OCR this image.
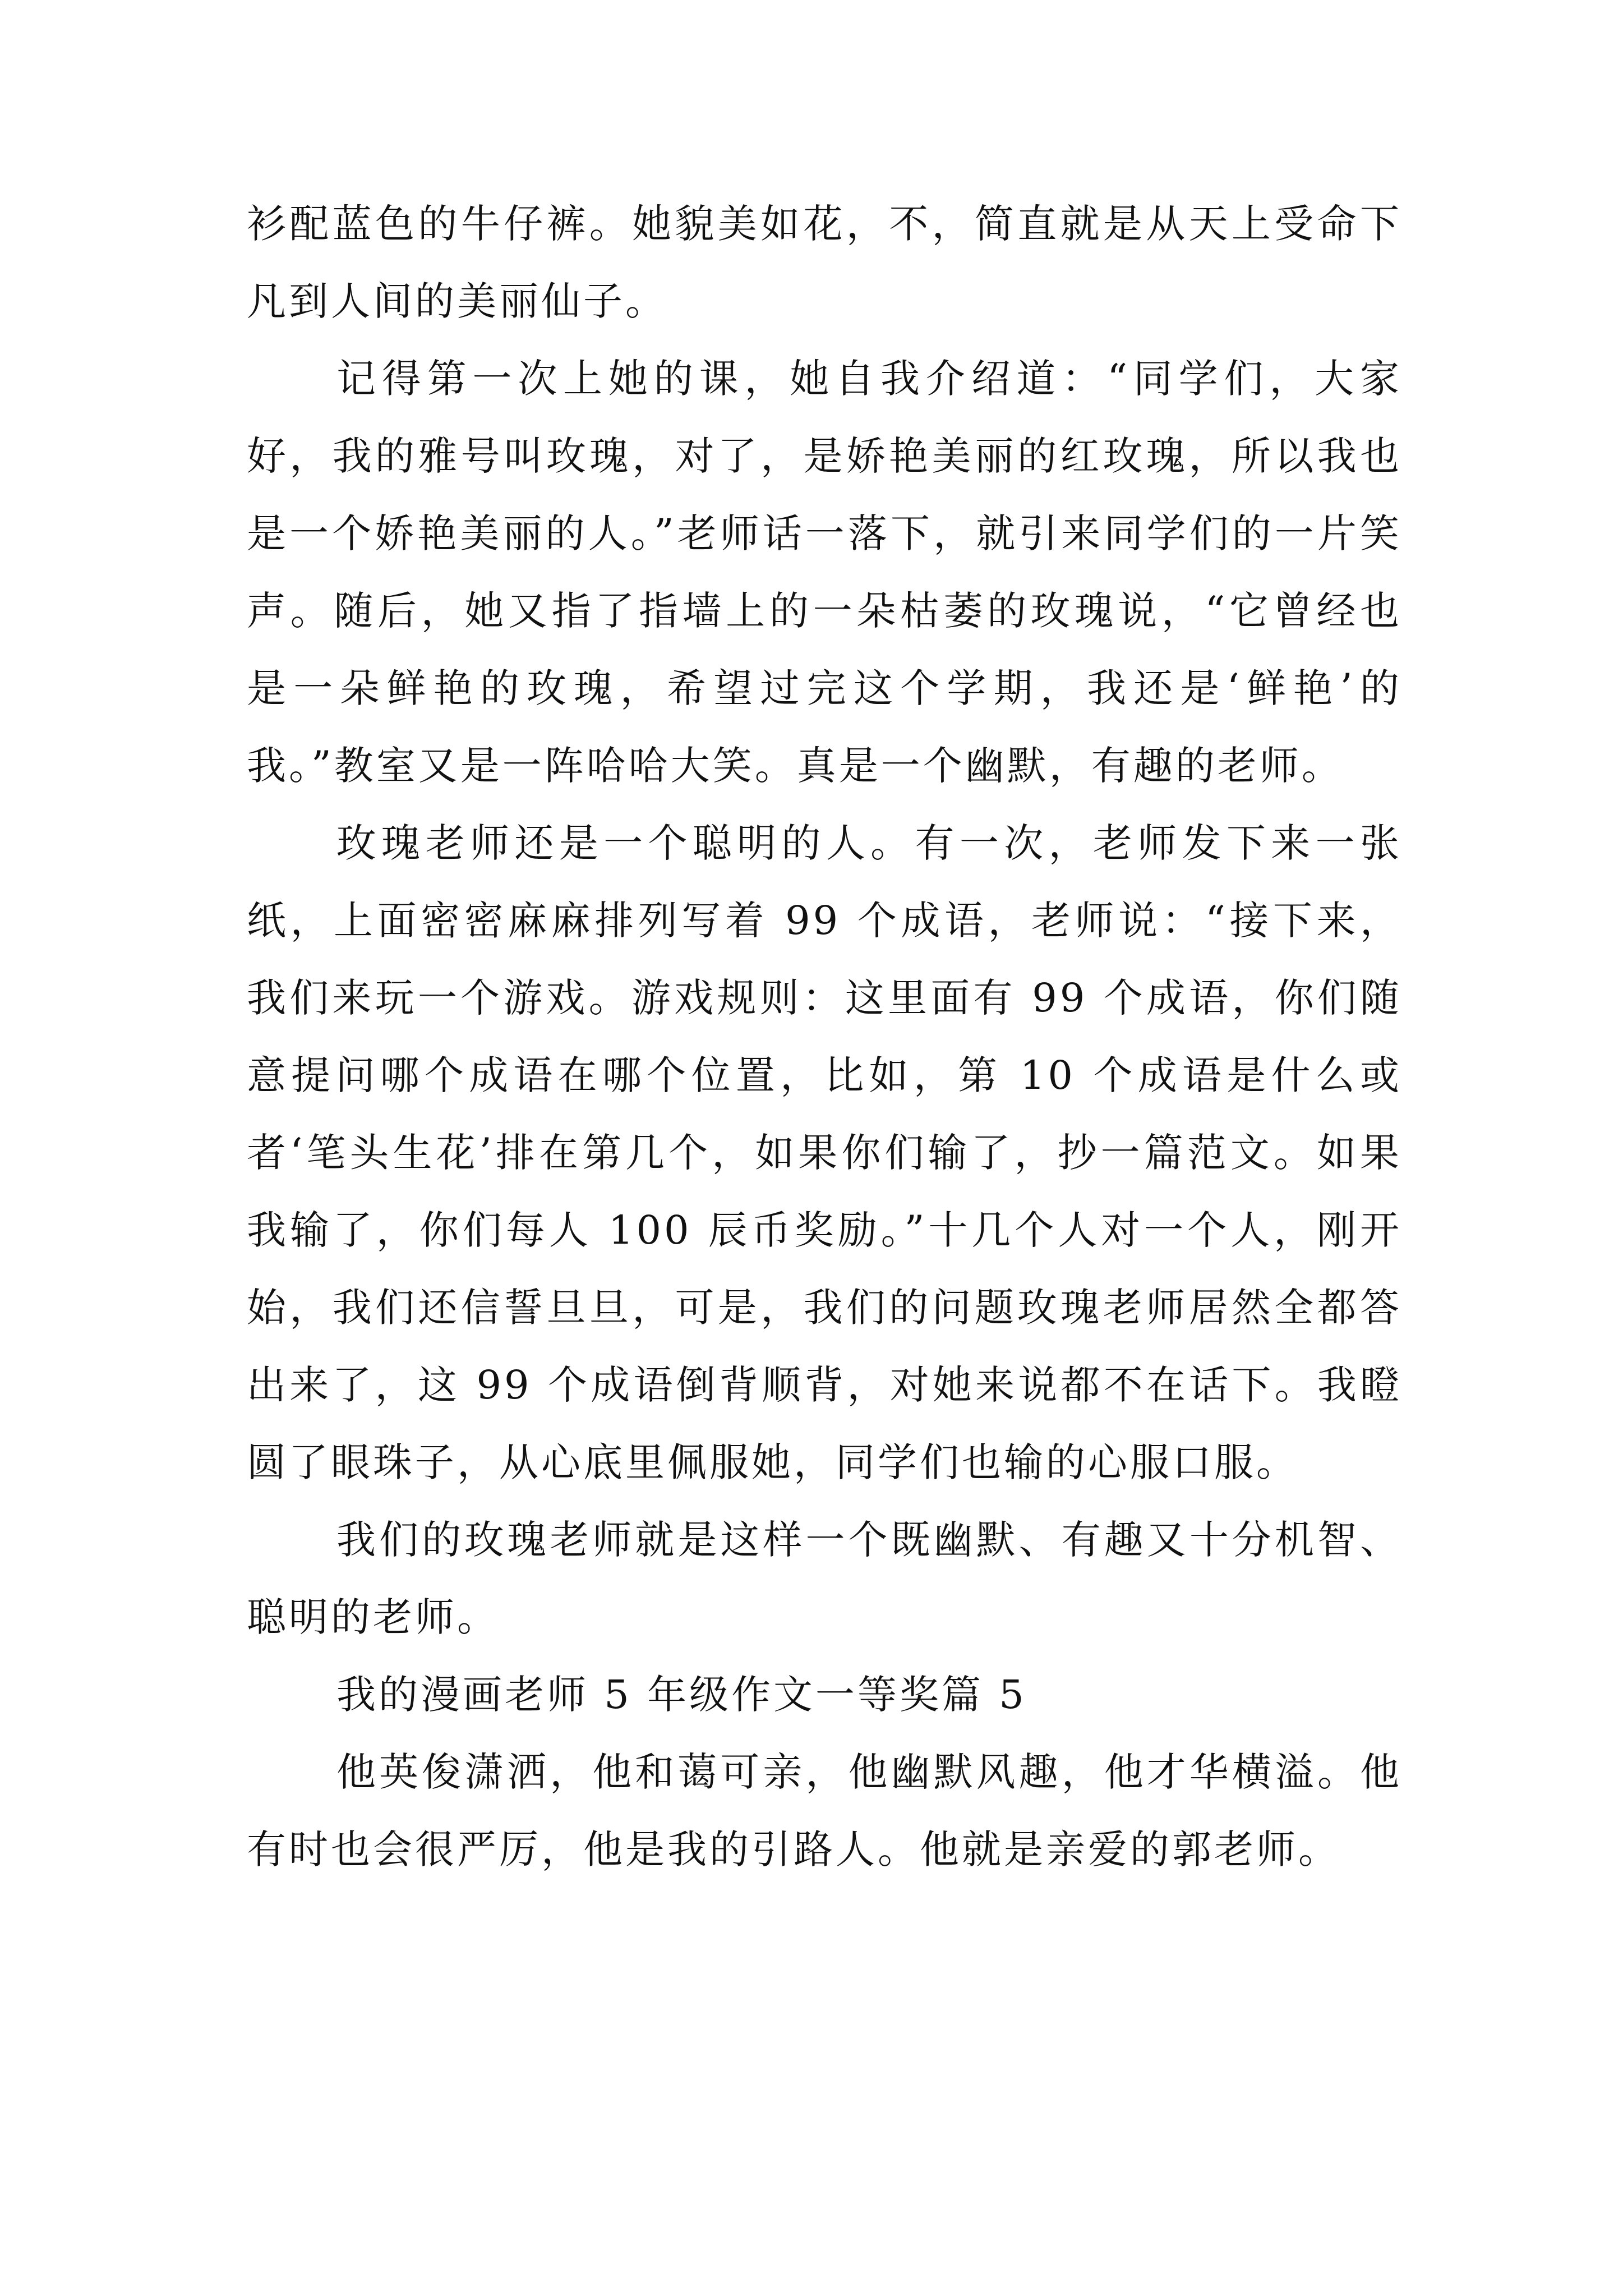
衫配蓝色的牛仔裤。她貌美如花，不，简直就是从天上受命下凡到人间的美丽仙子。

记得第一次上她的课，她自我介绍道：“同学们，大家好，我的雅号叫玫瑰，对了，是娇艳美丽的红玫瑰，所以我也是一个娇艳美丽的人。”老师话一落下，就引来同学们的一片笑声。随后，她又指了指墙上的一朵枯萎的玫瑰说，“它曾经也是一朵鲜艳的玫瑰，希望过完这个学期，我还是‘鲜艳’的我。”教室又是一阵哈哈大笑。真是一个幽默，有趣的老师。

玫瑰老师还是一个聪明的人。有一次，老师发下来一张纸，上面密密麻麻排列写着 99 个成语，老师说：“接下来，我们来玩一个游戏。游戏规则：这里面有 99 个成语，你们随意提问哪个成语在哪个位置，比如，第 10 个成语是什么或者‘笔头生花’排在第几个，如果你们输了，抄一篇范文。如果我输了，你们每人 100 辰币奖励。”十几个人对一个人，刚开始，我们还信誓旦旦，可是，我们的问题玫瑰老师居然全都答出来了，这 99 个成语倒背顺背，对她来说都不在话下。我瞪圆了眼珠子，从心底里佩服她，同学们也输的心服口服。

我们的玫瑰老师就是这样一个既幽默、有趣又十分机智、聪明的老师。

我的漫画老师 5 年级作文一等奖篇 5

他英俊潇洒，他和蔼可亲，他幽默风趣，他才华横溢。他有时也会很严厉，他是我的引路人。他就是亲爱的郭老师。
